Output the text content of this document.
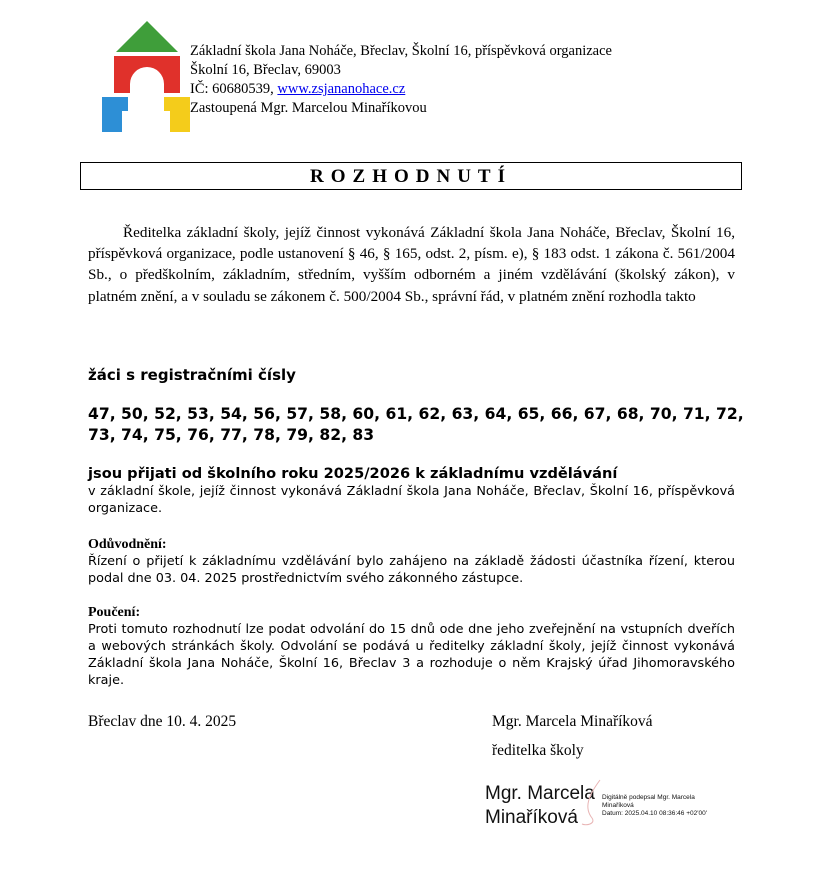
Základní škola Jana Noháče, Břeclav, Školní 16, příspěvková organizace
Školní 16, Břeclav, 69003
IČ: 60680539, www.zsjananohace.cz
Zastoupená Mgr. Marcelou Minaříkovou
ROZHODNUTÍ
Ředitelka základní školy, jejíž činnost vykonává Základní škola Jana Noháče, Břeclav, Školní 16, příspěvková organizace, podle ustanovení § 46, § 165, odst. 2, písm. e), § 183 odst. 1 zákona č. 561/2004 Sb., o předškolním, základním, středním, vyšším odborném a jiném vzdělávání (školský zákon), v platném znění, a v souladu se zákonem č. 500/2004 Sb., správní řád, v platném znění rozhodla takto
žáci s registračními čísly
47, 50, 52, 53, 54, 56, 57, 58, 60, 61, 62, 63, 64, 65, 66, 67, 68, 70, 71, 72, 73, 74, 75, 76, 77, 78, 79, 82, 83
jsou přijati od školního roku 2025/2026 k základnímu vzdělávání
v základní škole, jejíž činnost vykonává Základní škola Jana Noháče, Břeclav, Školní 16, příspěvková organizace.
Odůvodnění:
Řízení o přijetí k základnímu vzdělávání bylo zahájeno na základě žádosti účastníka řízení, kterou podal dne 03. 04. 2025 prostřednictvím svého zákonného zástupce.
Poučení:
Proti tomuto rozhodnutí lze podat odvolání do 15 dnů ode dne jeho zveřejnění na vstupních dveřích a webových stránkách školy. Odvolání se podává u ředitelky základní školy, jejíž činnost vykonává Základní škola Jana Noháče, Školní 16, Břeclav 3 a rozhoduje o něm Krajský úřad Jihomoravského kraje.
Břeclav dne 10. 4. 2025	Mgr. Marcela Minaříková
ředitelka školy
Mgr. Marcela
Minaříková
Digitálně podepsal Mgr. Marcela
Minaříková
Datum: 2025.04.10 08:36:46 +02'00'
